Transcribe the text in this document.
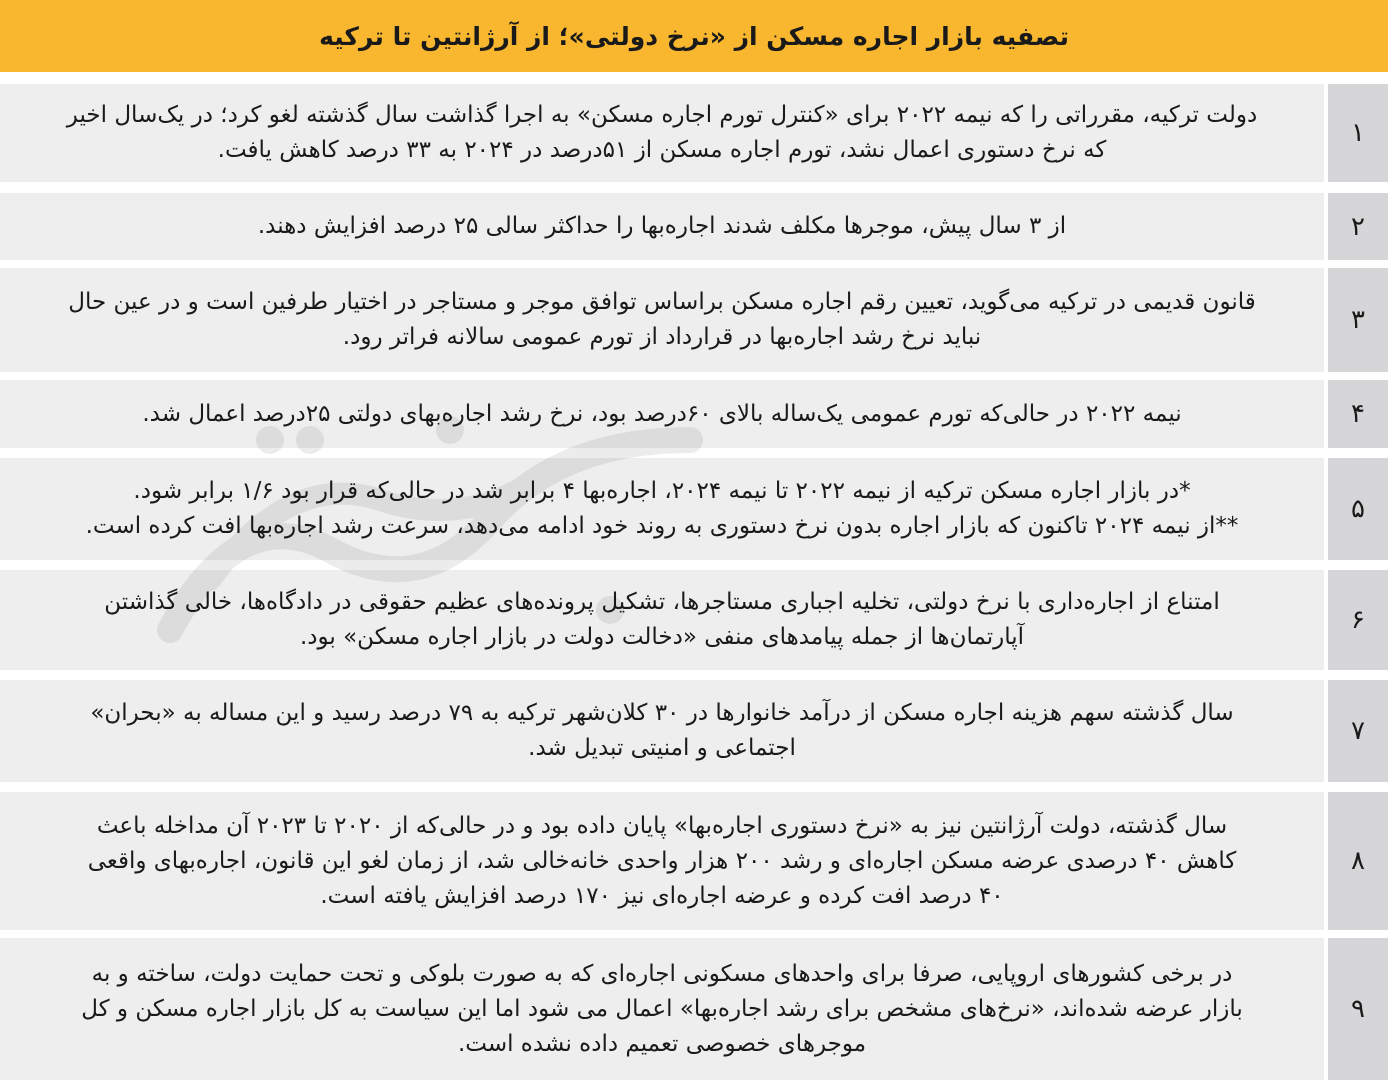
تصفیه بازار اجاره مسکن از «نرخ دولتی»؛ از آرژانتین تا ترکیه
دولت ترکیه، مقرراتی را که نیمه ۲۰۲۲ برای «کنترل تورم اجاره مسکن» به اجرا گذاشت سال گذشته لغو کرد؛ در یک‌سال اخیر
که نرخ دستوری اعمال نشد، تورم اجاره مسکن از ۵۱درصد در ۲۰۲۴ به ۳۳ درصد کاهش یافت.
۱
از ۳ سال پیش، موجرها مکلف شدند اجاره‌بها را حداکثر سالی ۲۵ درصد افزایش دهند.	۲
قانون قدیمی در ترکیه می‌گوید، تعیین رقم اجاره مسکن براساس توافق موجر و مستاجر در اختیار طرفین است و در عین حال
نباید نرخ رشد اجاره‌بها در قرارداد از تورم عمومی سالانه فراتر رود.
۳
نیمه ۲۰۲۲ در حالی‌که تورم عمومی یک‌ساله بالای ۶۰درصد بود، نرخ رشد اجاره‌بهای دولتی ۲۵درصد اعمال شد.	۴
*در بازار اجاره مسکن ترکیه از نیمه ۲۰۲۲ تا نیمه ۲۰۲۴، اجاره‌بها ۴ برابر شد در حالی‌که قرار بود ۱/۶ برابر شود.
**از نیمه ۲۰۲۴ تاکنون که بازار اجاره بدون نرخ دستوری به روند خود ادامه می‌دهد، سرعت رشد اجاره‌بها افت کرده است.
۵
امتناع از اجاره‌داری با نرخ دولتی، تخلیه اجباری مستاجرها، تشکیل پرونده‌های عظیم حقوقی در دادگاه‌ها، خالی گذاشتن
آپارتمان‌ها از جمله پیامدهای منفی «دخالت دولت در بازار اجاره مسکن» بود.
۶
سال گذشته سهم هزینه اجاره مسکن از درآمد خانوارها در ۳۰ کلان‌شهر ترکیه به ۷۹ درصد رسید و این مساله به «بحران»
اجتماعی و امنیتی تبدیل شد.
۷
سال گذشته، دولت آرژانتین نیز به «نرخ دستوری اجاره‌بها» پایان داده بود و در حالی‌که از ۲۰۲۰ تا ۲۰۲۳ آن مداخله باعث
کاهش ۴۰ درصدی عرضه مسکن اجاره‌ای و رشد ۲۰۰ هزار واحدی خانه‌خالی شد، از زمان لغو این قانون، اجاره‌بهای واقعی
۴۰ درصد افت کرده و عرضه اجاره‌ای نیز ۱۷۰ درصد افزایش یافته است.
۸
در برخی کشورهای اروپایی، صرفا برای واحدهای مسکونی اجاره‌ای که به صورت بلوکی و تحت حمایت دولت، ساخته و به
بازار عرضه شده‌اند، «نرخ‌های مشخص برای رشد اجاره‌بها» اعمال می شود اما این سیاست به کل بازار اجاره مسکن و کل
موجرهای خصوصی تعمیم داده نشده است.
۹
